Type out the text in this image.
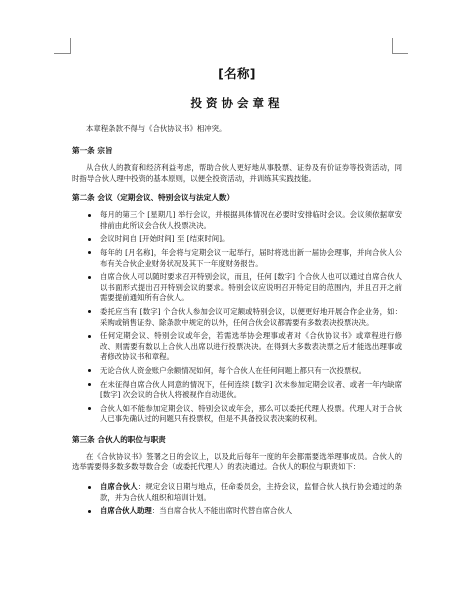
[名称]
投资协会章程
本章程条款不得与《合伙协议书》相冲突。
第一条 宗旨
从合伙人的教育和经济利益考虑，帮助合伙人更好地从事股票、证券及有价证券等投资活动，同时指导合伙人理中投资的基本原则，以便全投资活动，并训练其实践技能。
第二条 会议（定期会议、特别会议与法定人数）
每月的第三个 [星期几] 举行会议，并根据具体情况在必要时安排临时会议。会议须依据章安排前由此所议会合伙人投票决决。
会议时间自 [开始时间] 至 [结束时间]。
每年的 [月名称]，年会将与定期会议一起举行，届时将选出新一届协会理事，并向合伙人公布有关合伙企业财务状况及其下一年度财务报告。
自席合伙人可以随时要求召开特别会议，而且，任何 [数字] 个合伙人也可以通过自席合伙人以书面形式提出召开特别会议的要求。特别会议应说明召开特定目的范围内，并且召开之前需要提前通知所有合伙人。
委托应当有 [数字] 个合伙人参加会议可定额或特别会议，以便更好地开展合作企业务，如：采购或销售证券、除条款中规定的以外，任何合伙会议都需要有多数表决投票决决。
任何定期会议、特别会议或年会，若需选举协会理事或者对《合伙协议书》或章程进行修改、则需要有数以上合伙人出席以进行投票决决。在得到大多数表决票之后才能选出理事或者修改协议书和章程。
无论合伙人资金账户余额情况如何，每个合伙人在任何问题上都只有一次投票权。
在未征得自席合伙人同意的情况下，任何连续 [数字] 次未参加定期会议者、或者一年内缺席 [数字] 次会议的合伙人将被视作自动退伙。
合伙人如不能参加定期会议、特别会议或年会，那么可以委托代理人投票。代理人对于合伙人已事先确认过的问题只有投票权，但是不具备投议表决案的权利。
第三条 合伙人的职位与职责
在《合伙协议书》签署之日的会议上，以及此后每年一度的年会都需要选举理事成员。合伙人的选举需要得多数多数导数合会（或委托代理人）的表决通过。合伙人的职位与职责如下：
自席合伙人：规定会议日期与地点，任命委员会，主持会议，监督合伙人执行协会通过的条款，并为合伙人组织和培训计划。
自席合伙人助理：当自席合伙人不能出席时代替自席合伙人
